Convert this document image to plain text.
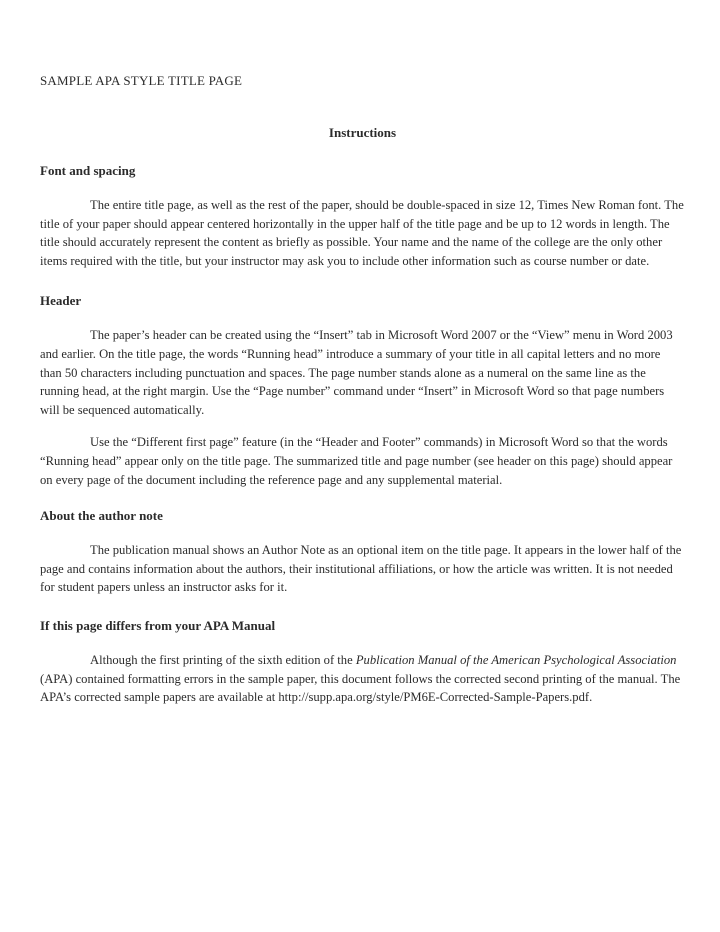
SAMPLE APA STYLE TITLE PAGE
Instructions
Font and spacing

The entire title page, as well as the rest of the paper, should be double-spaced in size 12, Times New Roman font. The title of your paper should appear centered horizontally in the upper half of the title page and be up to 12 words in length. The title should accurately represent the content as briefly as possible. Your name and the name of the college are the only other items required with the title, but your instructor may ask you to include other information such as course number or date.

Header

The paper’s header can be created using the “Insert” tab in Microsoft Word 2007 or the “View” menu in Word 2003 and earlier. On the title page, the words “Running head” introduce a summary of your title in all capital letters and no more than 50 characters including punctuation and spaces. The page number stands alone as a numeral on the same line as the running head, at the right margin. Use the “Page number” command under “Insert” in Microsoft Word so that page numbers will be sequenced automatically.

Use the “Different first page” feature (in the “Header and Footer” commands) in Microsoft Word so that the words “Running head” appear only on the title page. The summarized title and page number (see header on this page) should appear on every page of the document including the reference page and any supplemental material.

About the author note

The publication manual shows an Author Note as an optional item on the title page. It appears in the lower half of the page and contains information about the authors, their institutional affiliations, or how the article was written. It is not needed for student papers unless an instructor asks for it.

If this page differs from your APA Manual

Although the first printing of the sixth edition of the Publication Manual of the American Psychological Association (APA) contained formatting errors in the sample paper, this document follows the corrected second printing of the manual. The APA’s corrected sample papers are available at http://supp.apa.org/style/PM6E-Corrected-Sample-Papers.pdf.
